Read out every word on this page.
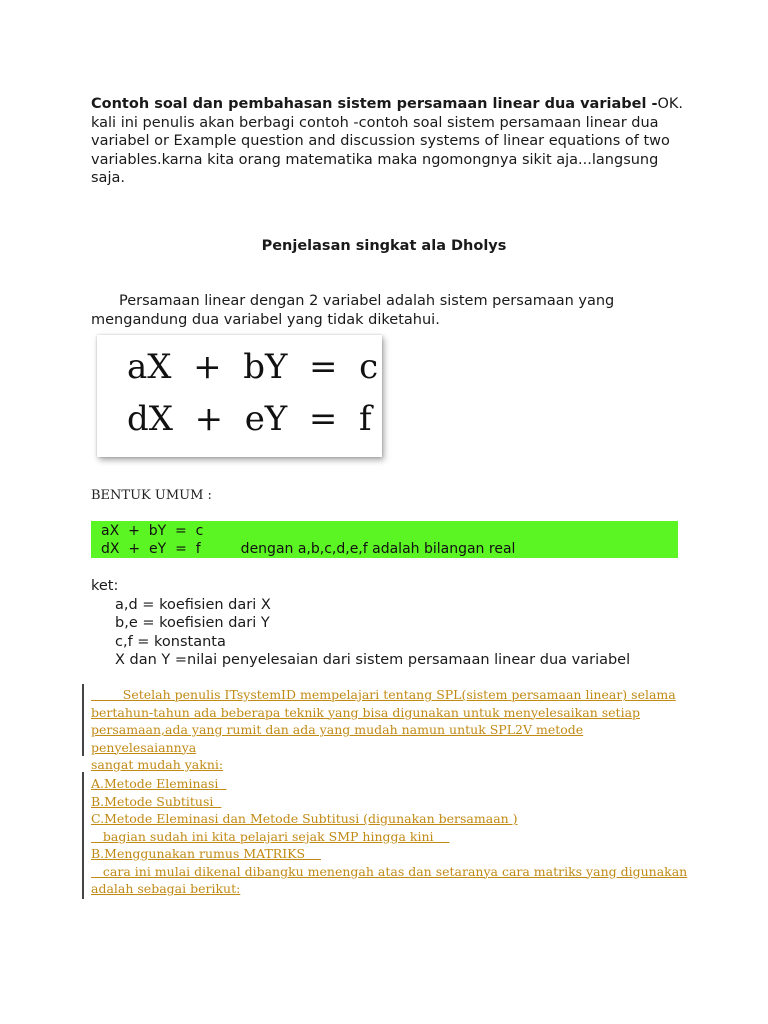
Contoh soal dan pembahasan sistem persamaan linear dua variabel -OK. kali ini penulis akan berbagi contoh -contoh soal sistem persamaan linear dua variabel or Example question and discussion systems of linear equations of two variables.karna kita orang matematika maka ngomongnya sikit aja...langsung saja.
Penjelasan singkat ala Dholys
Persamaan linear dengan 2 variabel adalah sistem persamaan yang mengandung dua variabel yang tidak diketahui.
aX  +  bY  =  c
dX  +  eY  =  f
BENTUK UMUM :
aX  +  bY  =  c
dX  +  eY  =  f         dengan a,b,c,d,e,f adalah bilangan real
ket:
a,d = koefisien dari X
b,e = koefisien dari Y
c,f = konstanta
X dan Y =nilai penyelesaian dari sistem persamaan linear dua variabel
Setelah penulis ITsystemID mempelajari tentang SPL(sistem persamaan linear) selama
bertahun-tahun ada beberapa teknik yang bisa digunakan untuk menyelesaikan setiap
persamaan,ada yang rumit dan ada yang mudah namun untuk SPL2V metode penyelesaiannya
sangat mudah yakni:
A.Metode Eleminasi
B.Metode Subtitusi
C.Metode Eleminasi dan Metode Subtitusi (digunakan bersamaan )
bagian sudah ini kita pelajari sejak SMP hingga kini
B.Menggunakan rumus MATRIKS
cara ini mulai dikenal dibangku menengah atas dan setaranya cara matriks yang digunakan
adalah sebagai berikut:
